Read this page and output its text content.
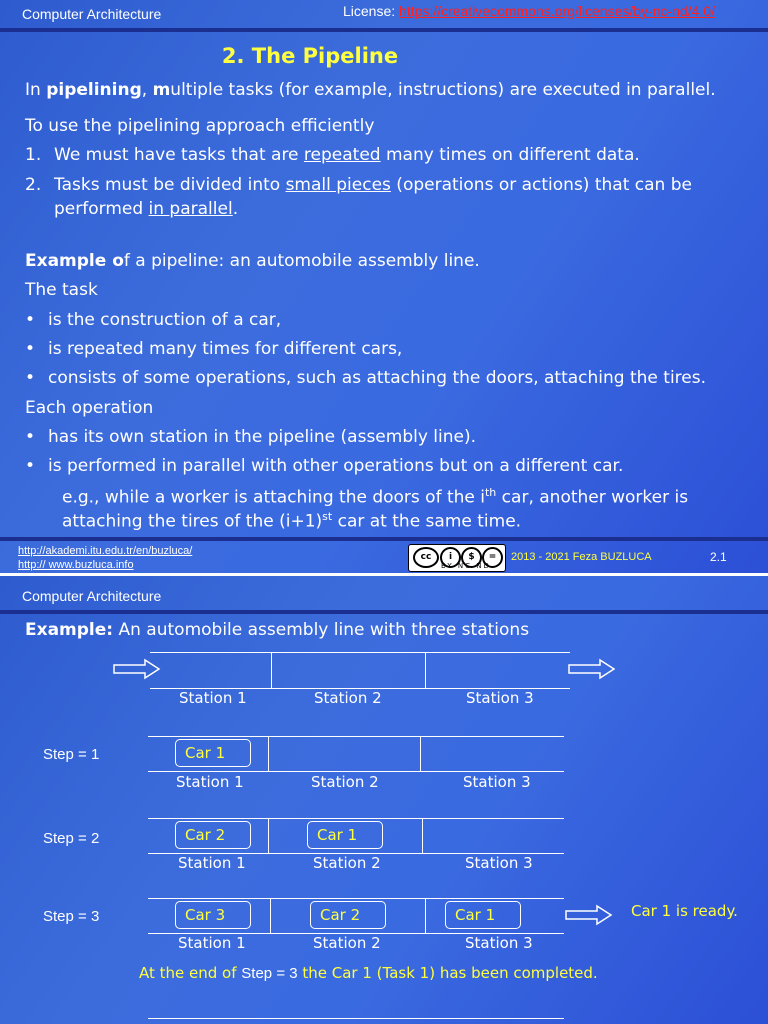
Computer Architecture	License: https://creativecommons.org/licenses/by-nc-nd/4.0/
2. The Pipeline
In pipelining, multiple tasks (for example, instructions) are executed in parallel.
To use the pipelining approach efficiently
1. We must have tasks that are repeated many times on different data.
2. Tasks must be divided into small pieces (operations or actions) that can be
performed in parallel.
Example of a pipeline: an automobile assembly line.
The task
• is the construction of a car,
• is repeated many times for different cars,
• consists of some operations, such as attaching the doors, attaching the tires.
Each operation
• has its own station in the pipeline (assembly line).
• is performed in parallel with other operations but on a different car.
e.g., while a worker is attaching the doors of the $i^{th}$ car, another worker is
attaching the tires of the $(i+1)^{st}$ car at the same time.
http://akademi.itu.edu.tr/en/buzluca/
http:// www.buzluca.info
cc	i	$	=
BY NC ND
2013 - 2021 Feza BUZLUCA	2.1
Computer Architecture
Example: An automobile assembly line with three stations
Station 1	Station 2	Station 3
Step = 1	Car 1
Station 1	Station 2	Station 3
Step = 2	Car 2	Car 1
Station 1	Station 2	Station 3
Step = 3	Car 3	Car 2	Car 1	Car 1 is ready.
Station 1	Station 2	Station 3
At the end of Step = 3 the Car 1 (Task 1) has been completed.
